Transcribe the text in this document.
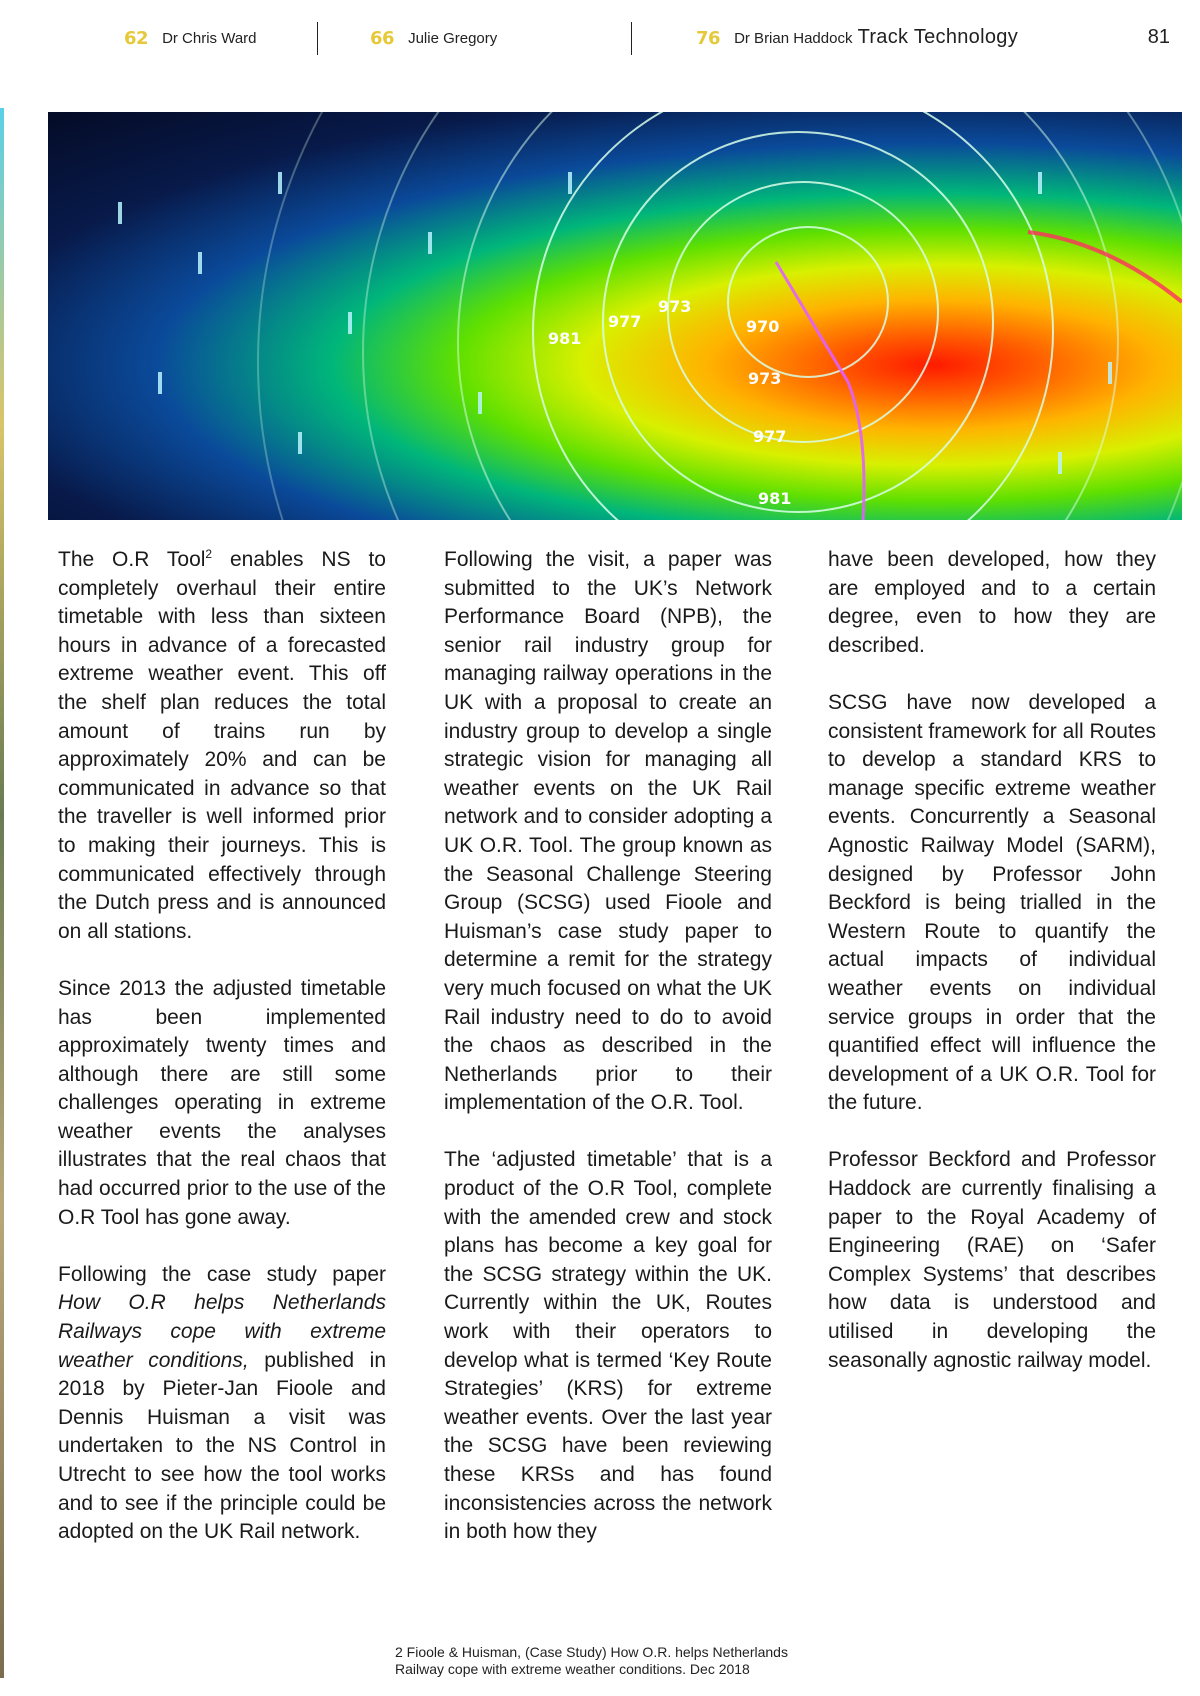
62 Dr Chris Ward	66 Julie Gregory	76 Dr Brian Haddock Track Technology	81
970
973
973
977
981
977
981

The O.R Tool$^2$ enables NS to completely overhaul their entire timetable with less than sixteen hours in advance of a forecasted extreme weather event. This off the shelf plan reduces the total amount of trains run by approximately 20% and can be communicated in advance so that the traveller is well informed prior to making their journeys. This is communicated effectively through the Dutch press and is announced on all stations.

Since 2013 the adjusted timetable has been implemented approximately twenty times and although there are still some challenges operating in extreme weather events the analyses illustrates that the real chaos that had occurred prior to the use of the O.R Tool has gone away.

Following the case study paper How O.R helps Netherlands Railways cope with extreme weather conditions, published in 2018 by Pieter-Jan Fioole and Dennis Huisman a visit was undertaken to the NS Control in Utrecht to see how the tool works and to see if the principle could be adopted on the UK Rail network.

Following the visit, a paper was submitted to the UK’s Network Performance Board (NPB), the senior rail industry group for managing railway operations in the UK with a proposal to create an industry group to develop a single strategic vision for managing all weather events on the UK Rail network and to consider adopting a UK O.R. Tool. The group known as the Seasonal Challenge Steering Group (SCSG) used Fioole and Huisman’s case study paper to determine a remit for the strategy very much focused on what the UK Rail industry need to do to avoid the chaos as described in the Netherlands prior to their implementation of the O.R. Tool.

The ‘adjusted timetable’ that is a product of the O.R Tool, complete with the amended crew and stock plans has become a key goal for the SCSG strategy within the UK. Currently within the UK, Routes work with their operators to develop what is termed ‘Key Route Strategies’ (KRS) for extreme weather events. Over the last year the SCSG have been reviewing these KRSs and has found inconsistencies across the network in both how they

have been developed, how they are employed and to a certain degree, even to how they are described.

SCSG have now developed a consistent framework for all Routes to develop a standard KRS to manage specific extreme weather events. Concurrently a Seasonal Agnostic Railway Model (SARM), designed by Professor John Beckford is being trialled in the Western Route to quantify the actual impacts of individual weather events on individual service groups in order that the quantified effect will influence the development of a UK O.R. Tool for the future.

Professor Beckford and Professor Haddock are currently finalising a paper to the Royal Academy of Engineering (RAE) on ‘Safer Complex Systems’ that describes how data is understood and utilised in developing the seasonally agnostic railway model.

2 Fioole & Huisman, (Case Study) How O.R. helps Netherlands
Railway cope with extreme weather conditions. Dec 2018
